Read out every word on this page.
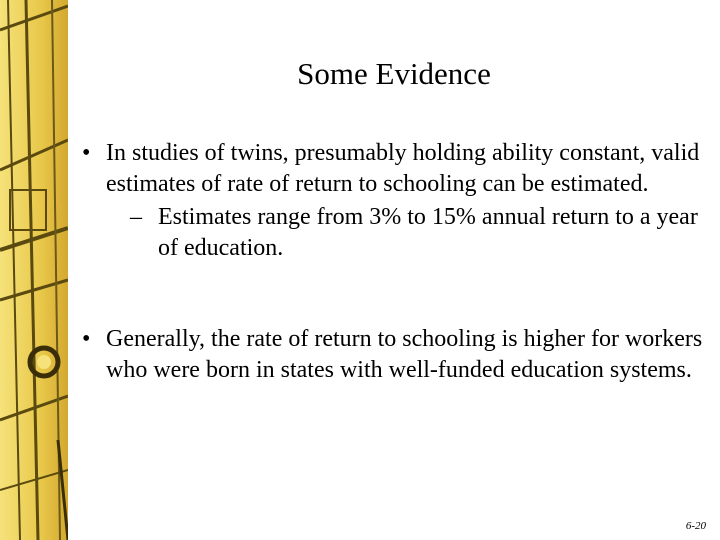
Some Evidence
• In studies of twins, presumably holding ability constant, valid estimates of rate of return to schooling can be estimated.
– Estimates range from 3% to 15% annual return to a year of education.
• Generally, the rate of return to schooling is higher for workers who were born in states with well-funded education systems.
6-20
